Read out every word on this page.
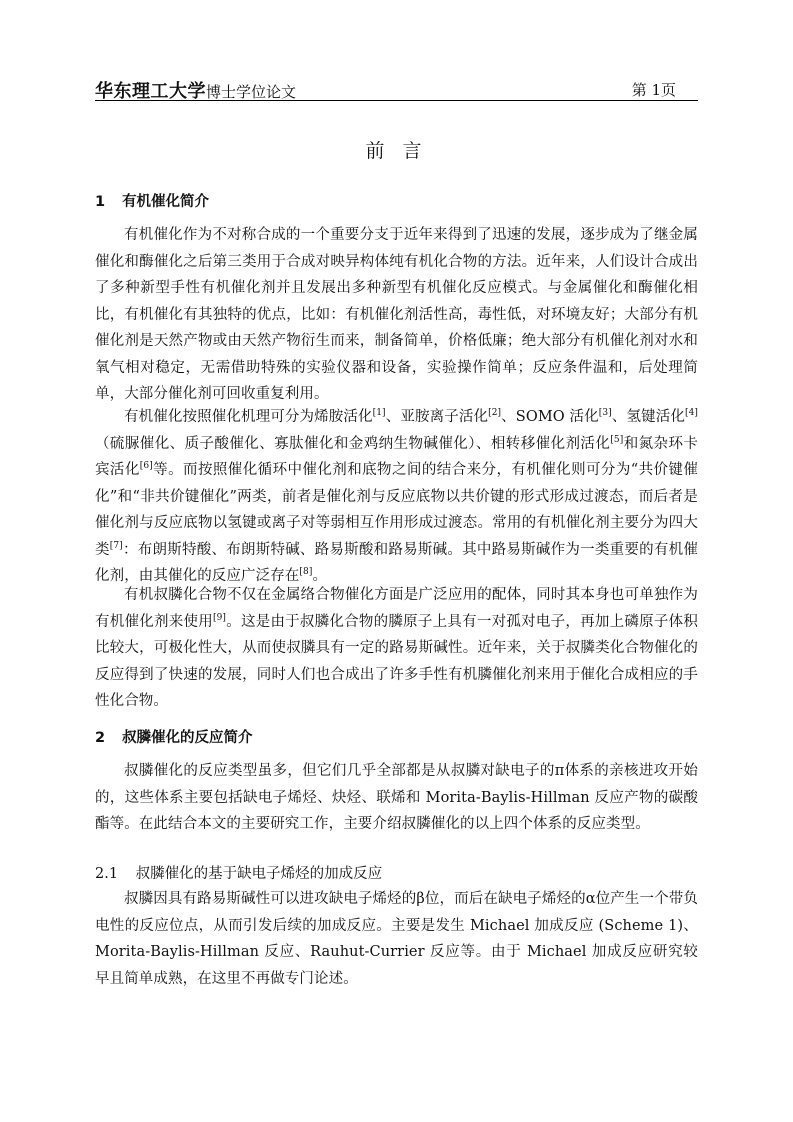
华东理工大学博士学位论文	第 1页
前 言
1 有机催化简介

有机催化作为不对称合成的一个重要分支于近年来得到了迅速的发展，逐步成为了继金属催化和酶催化之后第三类用于合成对映异构体纯有机化合物的方法。近年来，人们设计合成出了多种新型手性有机催化剂并且发展出多种新型有机催化反应模式。与金属催化和酶催化相比，有机催化有其独特的优点，比如：有机催化剂活性高，毒性低，对环境友好；大部分有机催化剂是天然产物或由天然产物衍生而来，制备简单，价格低廉；绝大部分有机催化剂对水和氧气相对稳定，无需借助特殊的实验仪器和设备，实验操作简单；反应条件温和，后处理简单，大部分催化剂可回收重复利用。

有机催化按照催化机理可分为烯胺活化[1]、亚胺离子活化[2]、SOMO 活化[3]、氢键活化[4]（硫脲催化、质子酸催化、寡肽催化和金鸡纳生物碱催化）、相转移催化剂活化[5]和氮杂环卡宾活化[6]等。而按照催化循环中催化剂和底物之间的结合来分，有机催化则可分为“共价键催化”和“非共价键催化”两类，前者是催化剂与反应底物以共价键的形式形成过渡态，而后者是催化剂与反应底物以氢键或离子对等弱相互作用形成过渡态。常用的有机催化剂主要分为四大类[7]：布朗斯特酸、布朗斯特碱、路易斯酸和路易斯碱。其中路易斯碱作为一类重要的有机催化剂，由其催化的反应广泛存在[8]。

有机叔膦化合物不仅在金属络合物催化方面是广泛应用的配体，同时其本身也可单独作为有机催化剂来使用[9]。这是由于叔膦化合物的膦原子上具有一对孤对电子，再加上磷原子体积比较大，可极化性大，从而使叔膦具有一定的路易斯碱性。近年来，关于叔膦类化合物催化的反应得到了快速的发展，同时人们也合成出了许多手性有机膦催化剂来用于催化合成相应的手性化合物。

2 叔膦催化的反应简介

叔膦催化的反应类型虽多，但它们几乎全部都是从叔膦对缺电子的π体系的亲核进攻开始的，这些体系主要包括缺电子烯烃、炔烃、联烯和 Morita-Baylis-Hillman 反应产物的碳酸酯等。在此结合本文的主要研究工作，主要介绍叔膦催化的以上四个体系的反应类型。

2.1 叔膦催化的基于缺电子烯烃的加成反应

叔膦因具有路易斯碱性可以进攻缺电子烯烃的β位，而后在缺电子烯烃的α位产生一个带负电性的反应位点，从而引发后续的加成反应。主要是发生 Michael 加成反应 (Scheme 1)、Morita-Baylis-Hillman 反应、Rauhut-Currier 反应等。由于 Michael 加成反应研究较早且简单成熟，在这里不再做专门论述。
